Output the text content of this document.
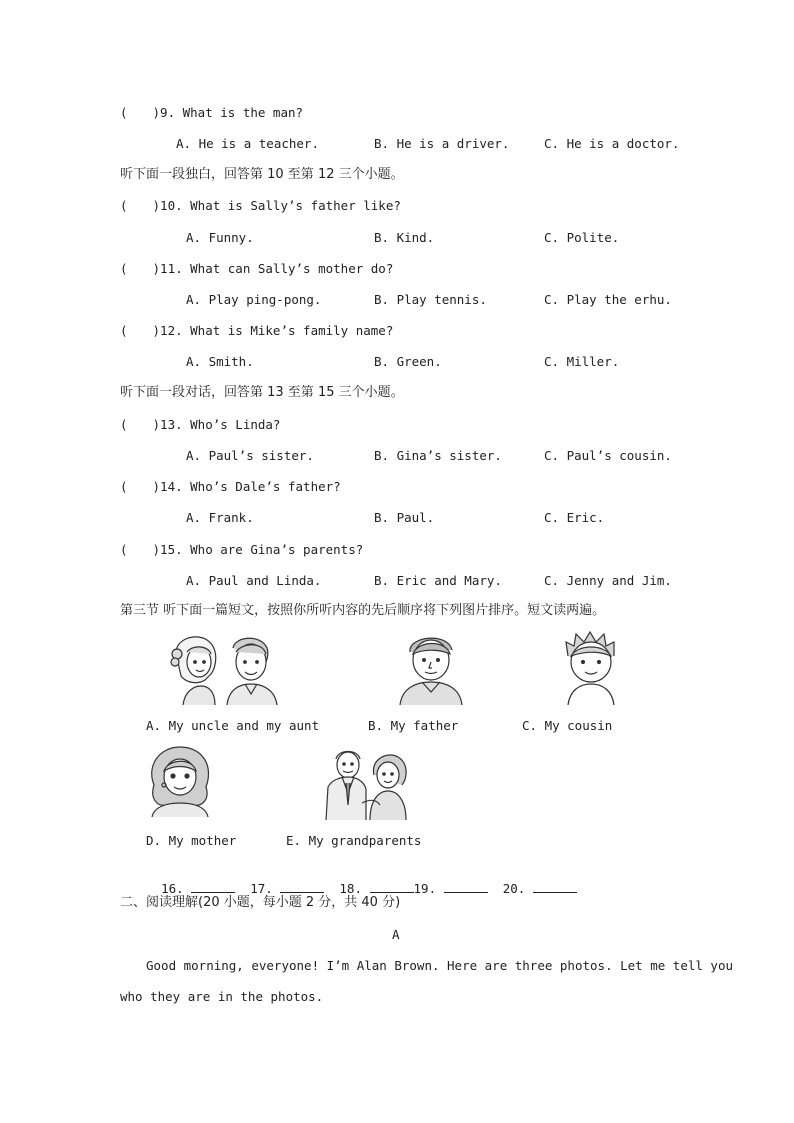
(　　)9. What is the man?
A. He is a teacher.	B. He is a driver.	C. He is a doctor.
听下面一段独白，回答第 10 至第 12 三个小题。
(　　)10. What is Sally’s father like?
A. Funny.	B. Kind.	C. Polite.
(　　)11. What can Sally’s mother do?
A. Play ping-pong.	B. Play tennis.	C. Play the erhu.
(　　)12. What is Mike’s family name?
A. Smith.	B. Green.	C. Miller.
听下面一段对话，回答第 13 至第 15 三个小题。
(　　)13. Who’s Linda?
A. Paul’s sister.	B. Gina’s sister.	C. Paul’s cousin.
(　　)14. Who’s Dale’s father?
A. Frank.	B. Paul.	C. Eric.
(　　)15. Who are Gina’s parents?
A. Paul and Linda.	B. Eric and Mary.	C. Jenny and Jim.
第三节 听下面一篇短文，按照你所听内容的先后顺序将下列图片排序。短文读两遍。
A. My uncle and my aunt	B. My father	C. My cousin
D. My mother	E. My grandparents

16.	17.	18.	19.	20.

二、阅读理解(20 小题，每小题 2 分，共 40 分)
A
Good morning, everyone! I’m Alan Brown. Here are three photos. Let me tell you
who they are in the photos.
